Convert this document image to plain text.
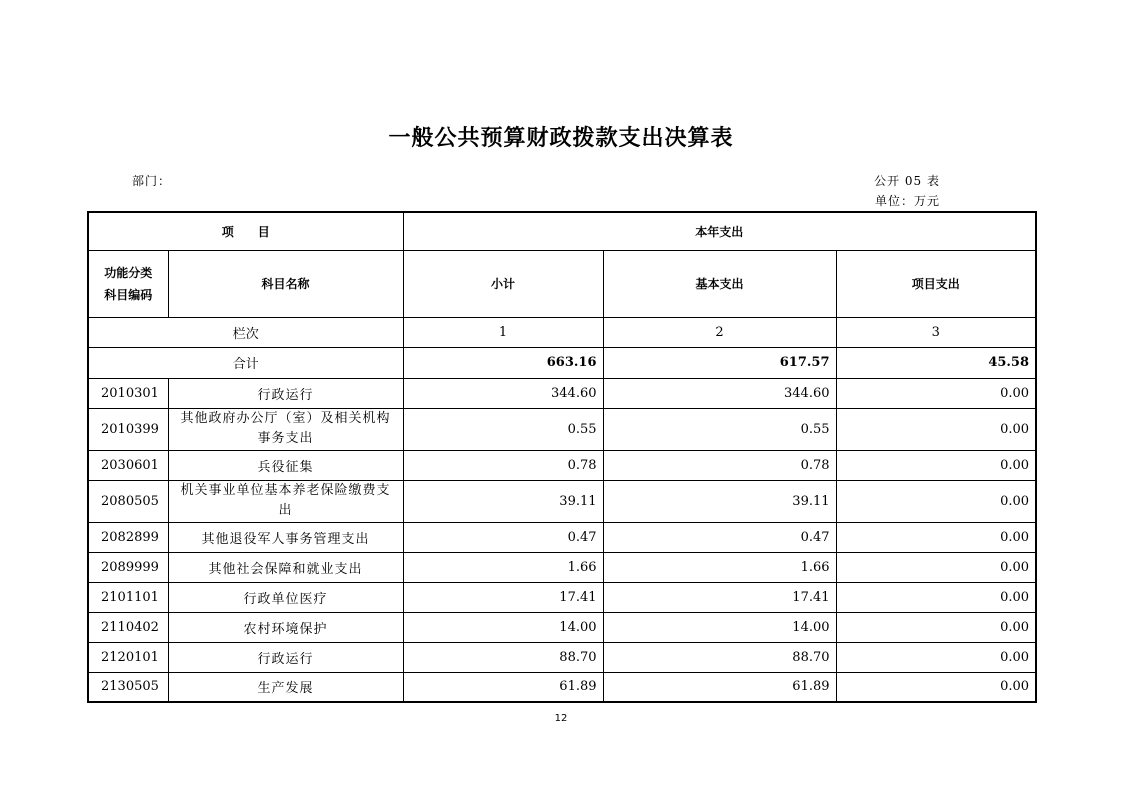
一般公共预算财政拨款支出决算表
部门：	公开 05 表
单位：万元
项　　目		本年支出		
功能分类
科目编码	科目名称	小计	基本支出	项目支出
栏次		1	2	3
合计		663.16	617.57	45.58
2010301	行政运行	344.60	344.60	0.00
2010399	其他政府办公厅（室）及相关机构事务支出	0.55	0.55	0.00
2030601	兵役征集	0.78	0.78	0.00
2080505	机关事业单位基本养老保险缴费支出	39.11	39.11	0.00
2082899	其他退役军人事务管理支出	0.47	0.47	0.00
2089999	其他社会保障和就业支出	1.66	1.66	0.00
2101101	行政单位医疗	17.41	17.41	0.00
2110402	农村环境保护	14.00	14.00	0.00
2120101	行政运行	88.70	88.70	0.00
2130505	生产发展	61.89	61.89	0.00
12
